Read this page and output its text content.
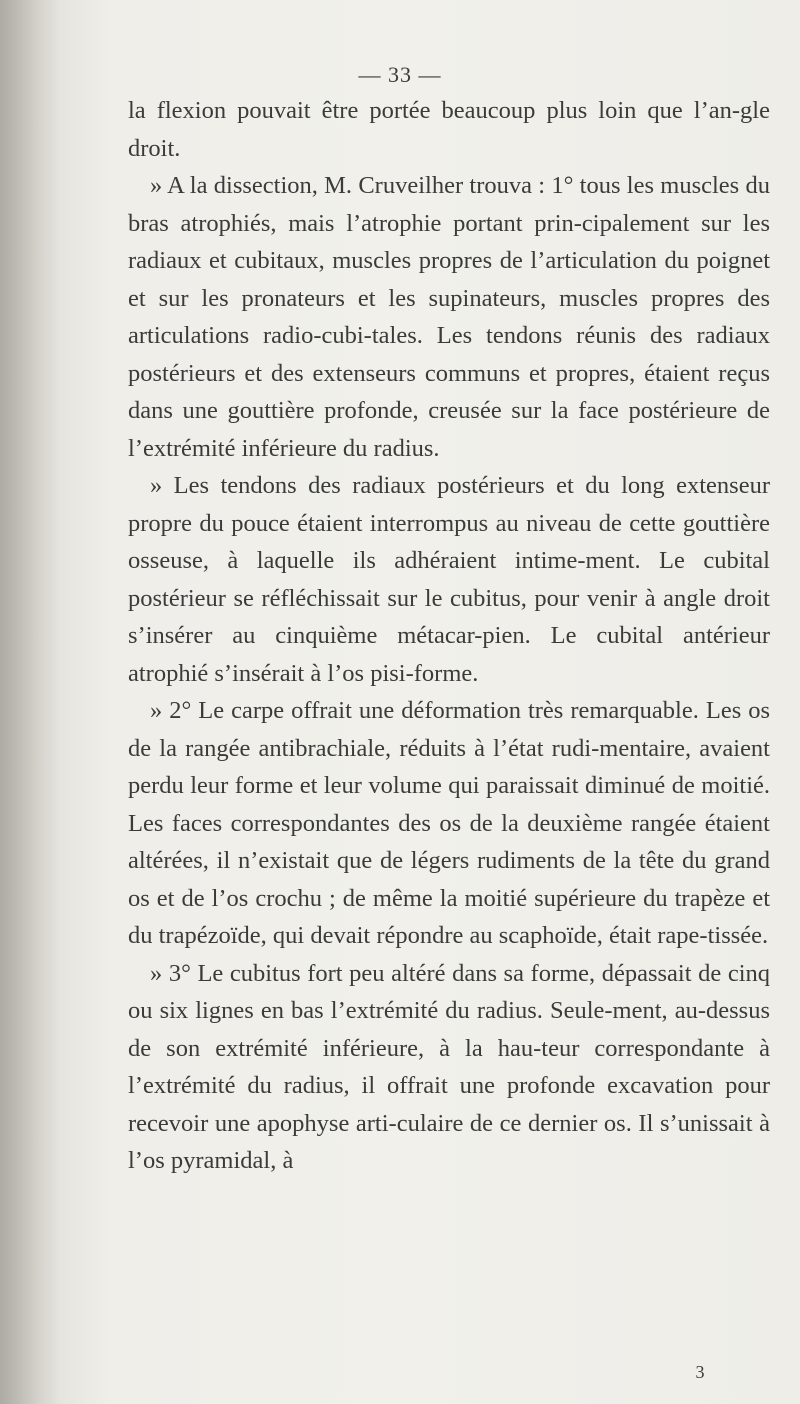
— 33 —

la flexion pouvait être portée beaucoup plus loin que l’an-gle droit.

» A la dissection, M. Cruveilher trouva : 1° tous les muscles du bras atrophiés, mais l’atrophie portant prin-cipalement sur les radiaux et cubitaux, muscles propres de l’articulation du poignet et sur les pronateurs et les supinateurs, muscles propres des articulations radio-cubi-tales. Les tendons réunis des radiaux postérieurs et des extenseurs communs et propres, étaient reçus dans une gouttière profonde, creusée sur la face postérieure de l’extrémité inférieure du radius.

» Les tendons des radiaux postérieurs et du long extenseur propre du pouce étaient interrompus au niveau de cette gouttière osseuse, à laquelle ils adhéraient intime-ment. Le cubital postérieur se réfléchissait sur le cubitus, pour venir à angle droit s’insérer au cinquième métacar-pien. Le cubital antérieur atrophié s’insérait à l’os pisi-forme.

» 2° Le carpe offrait une déformation très remarquable. Les os de la rangée antibrachiale, réduits à l’état rudi-mentaire, avaient perdu leur forme et leur volume qui paraissait diminué de moitié. Les faces correspondantes des os de la deuxième rangée étaient altérées, il n’existait que de légers rudiments de la tête du grand os et de l’os crochu ; de même la moitié supérieure du trapèze et du trapézoïde, qui devait répondre au scaphoïde, était rape-tissée.

» 3° Le cubitus fort peu altéré dans sa forme, dépassait de cinq ou six lignes en bas l’extrémité du radius. Seule-ment, au-dessus de son extrémité inférieure, à la hau-teur correspondante à l’extrémité du radius, il offrait une profonde excavation pour recevoir une apophyse arti-culaire de ce dernier os. Il s’unissait à l’os pyramidal, à

3
